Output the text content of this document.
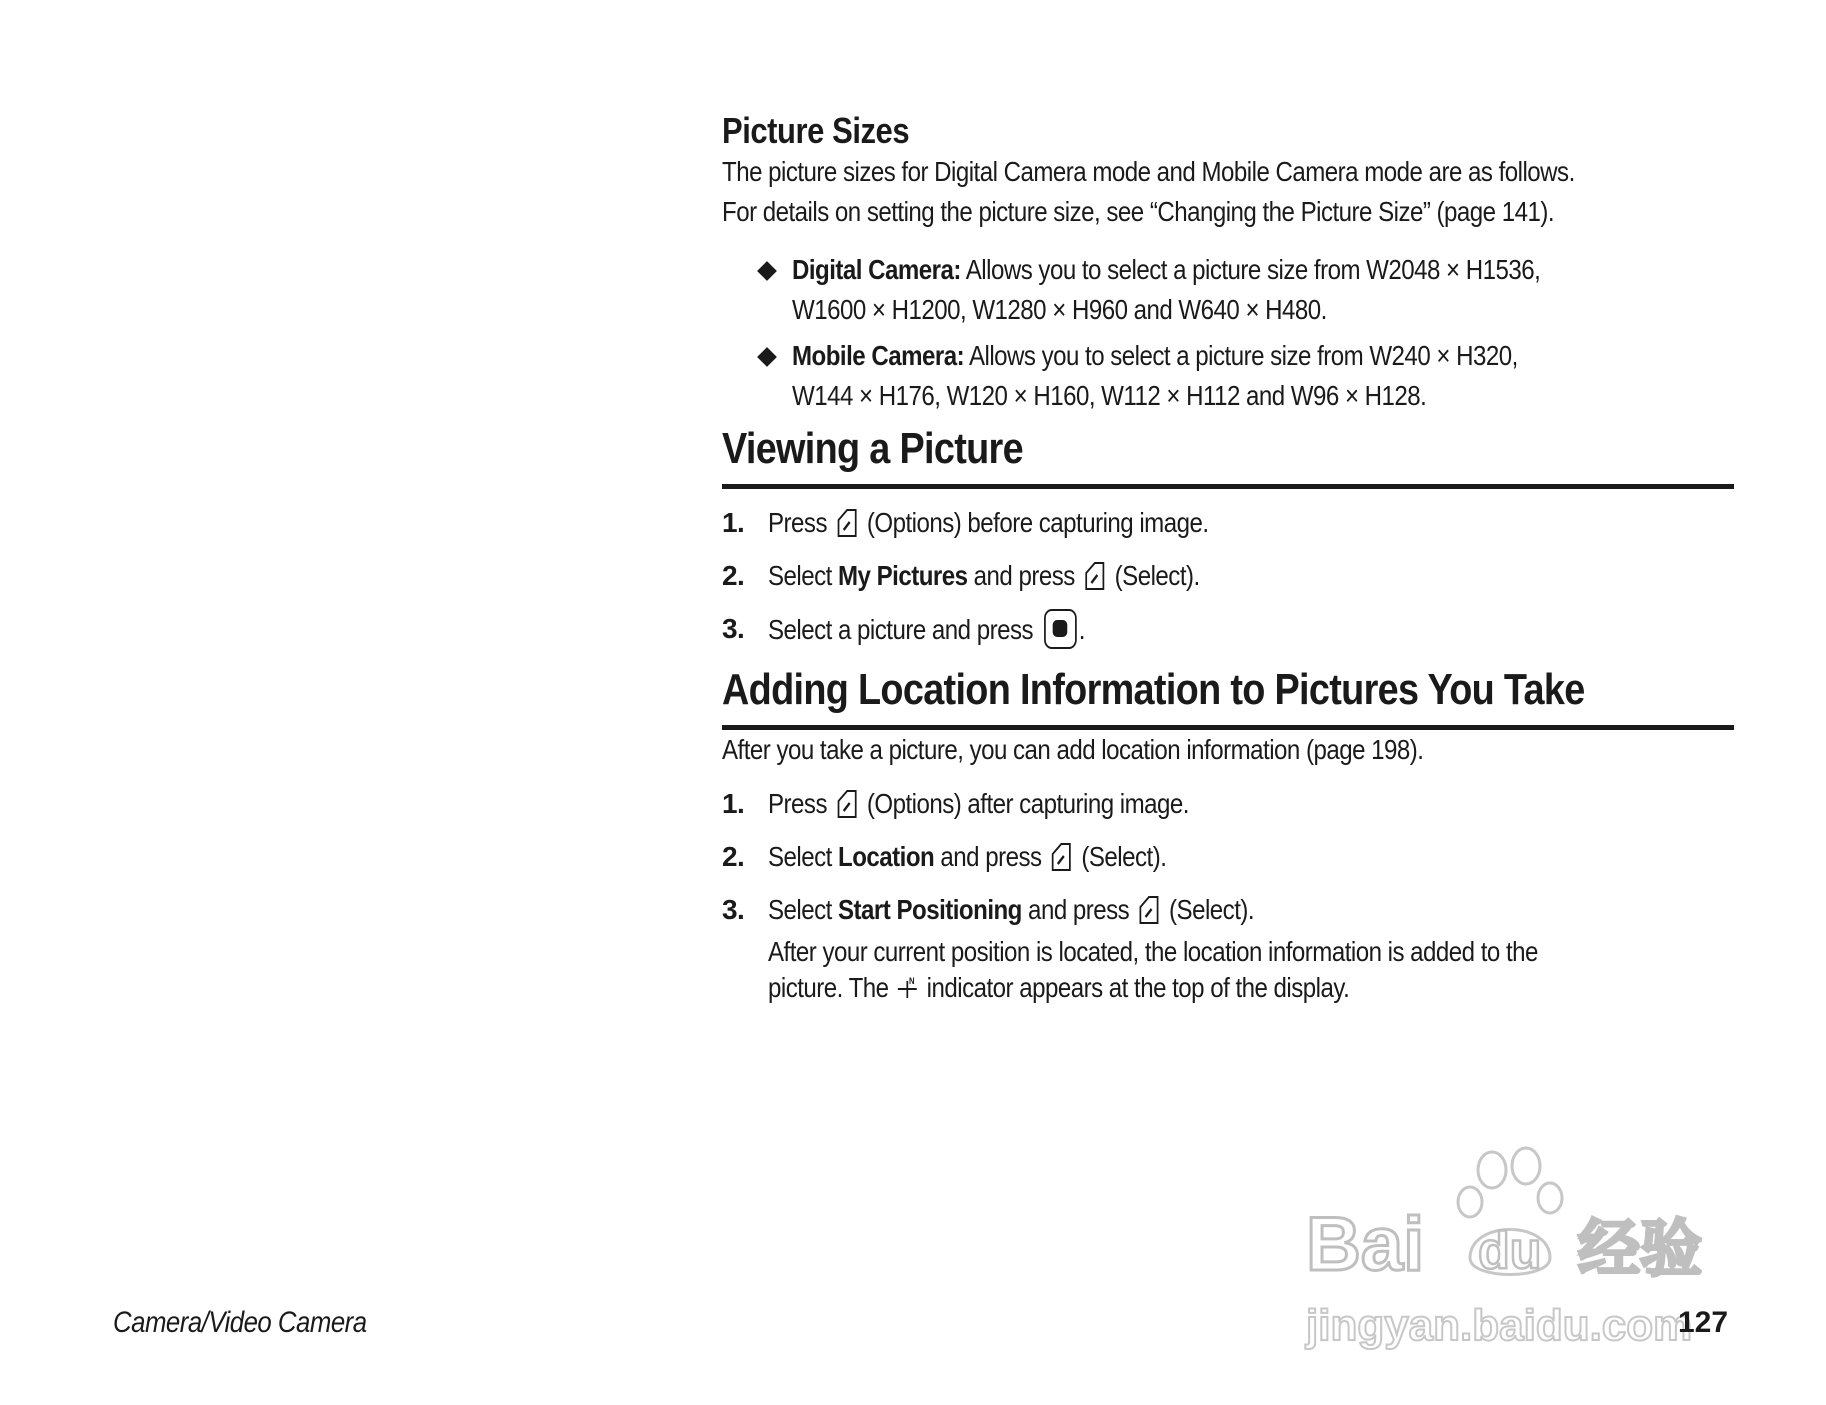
Picture Sizes

The picture sizes for Digital Camera mode and Mobile Camera mode are as follows.
For details on setting the picture size, see “Changing the Picture Size” (page 141).

Digital Camera: Allows you to select a picture size from W2048 × H1536,
W1600 × H1200, W1280 × H960 and W640 × H480.
Mobile Camera: Allows you to select a picture size from W240 × H320,
W144 × H176, W120 × H160, W112 × H112 and W96 × H128.
Viewing a Picture
1. Press  (Options) before capturing image.
2. Select My Pictures and press  (Select).
3. Select a picture and press .
Adding Location Information to Pictures You Take

After you take a picture, you can add location information (page 198).

1. Press  (Options) after capturing image.
2. Select Location and press  (Select).
3. Select Start Positioning and press  (Select).
After your current position is located, the location information is added to the
picture. The N indicator appears at the top of the display.
Bai du 经验
jingyan.baidu.com
Camera/Video Camera	127
